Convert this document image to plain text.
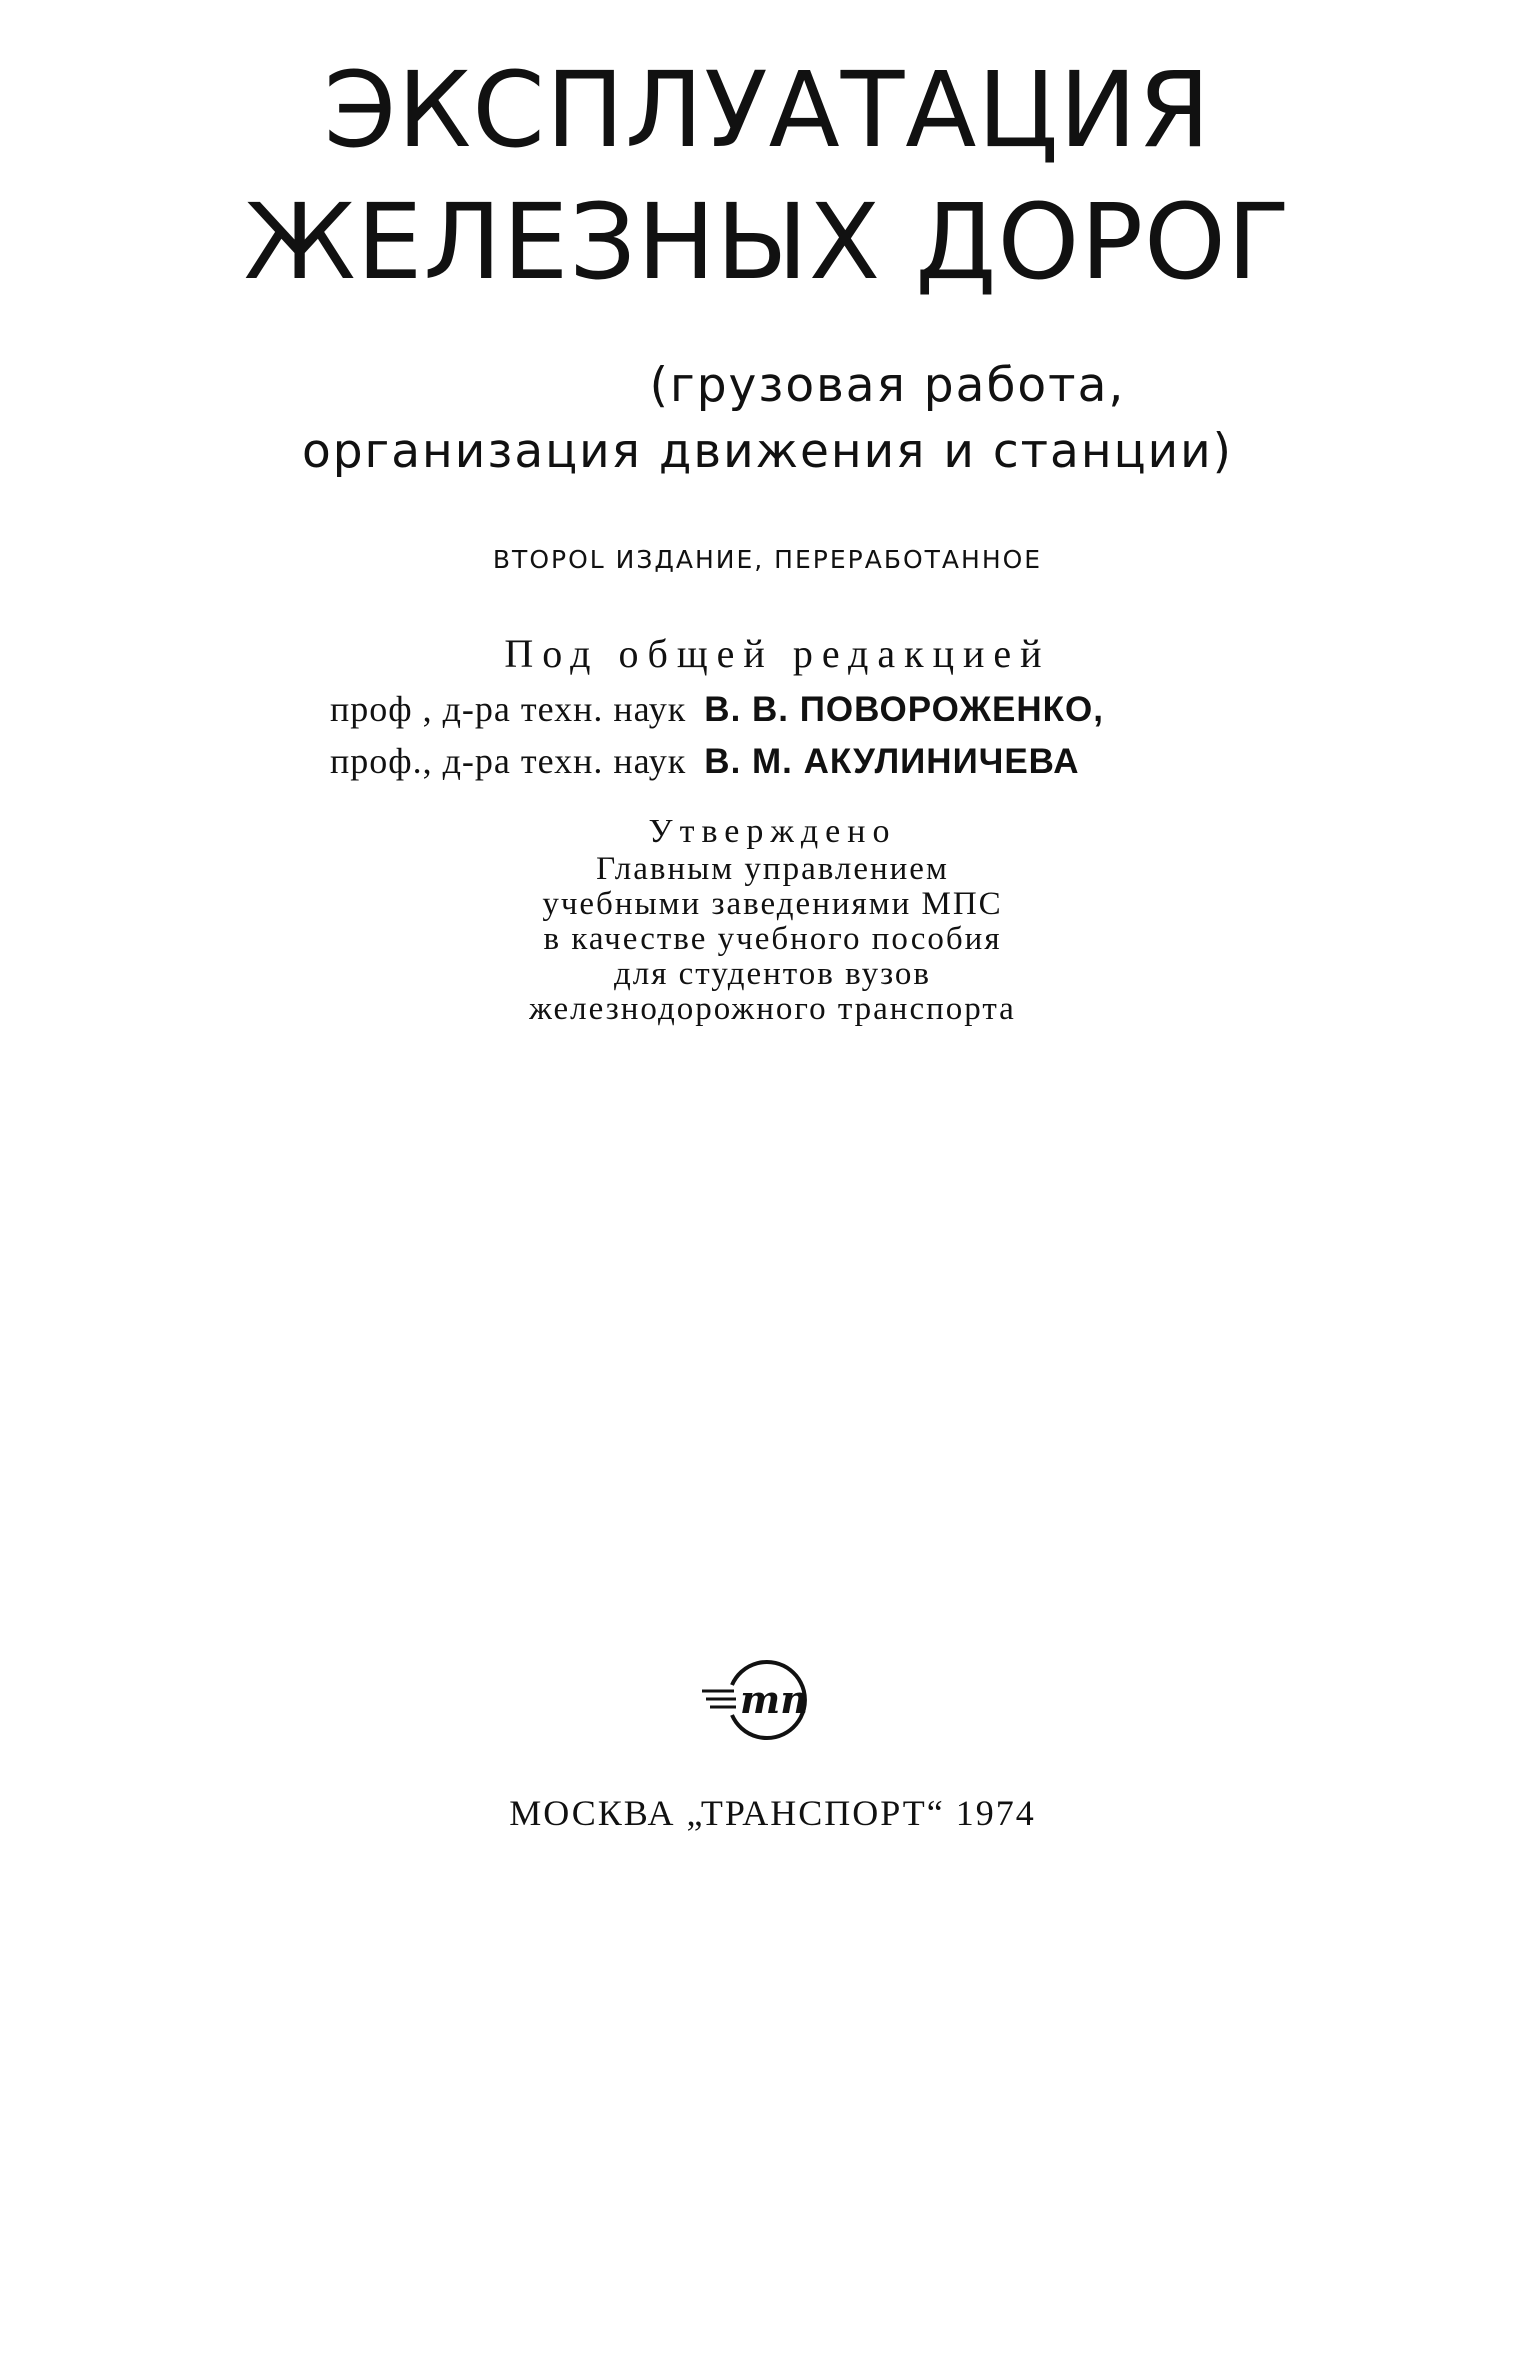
ЭКСПЛУАТАЦИЯ
ЖЕЛЕЗНЫХ ДОРОГ
(грузовая работа,
организация движения и станции)
ВТОРОL ИЗДАНИЕ, ПЕРЕРАБОТАННОЕ
Под общей редакцией
проф , д-ра техн. наук В. В. ПОВОРОЖЕНКО,
проф., д-ра техн. наук В. М. АКУЛИНИЧЕВА
Утверждено
Главным управлением
учебными заведениями МПС
в качестве учебного пособия
для студентов вузов
железнодорожного транспорта
тп
МОСКВА „ТРАНСПОРТ“ 1974
